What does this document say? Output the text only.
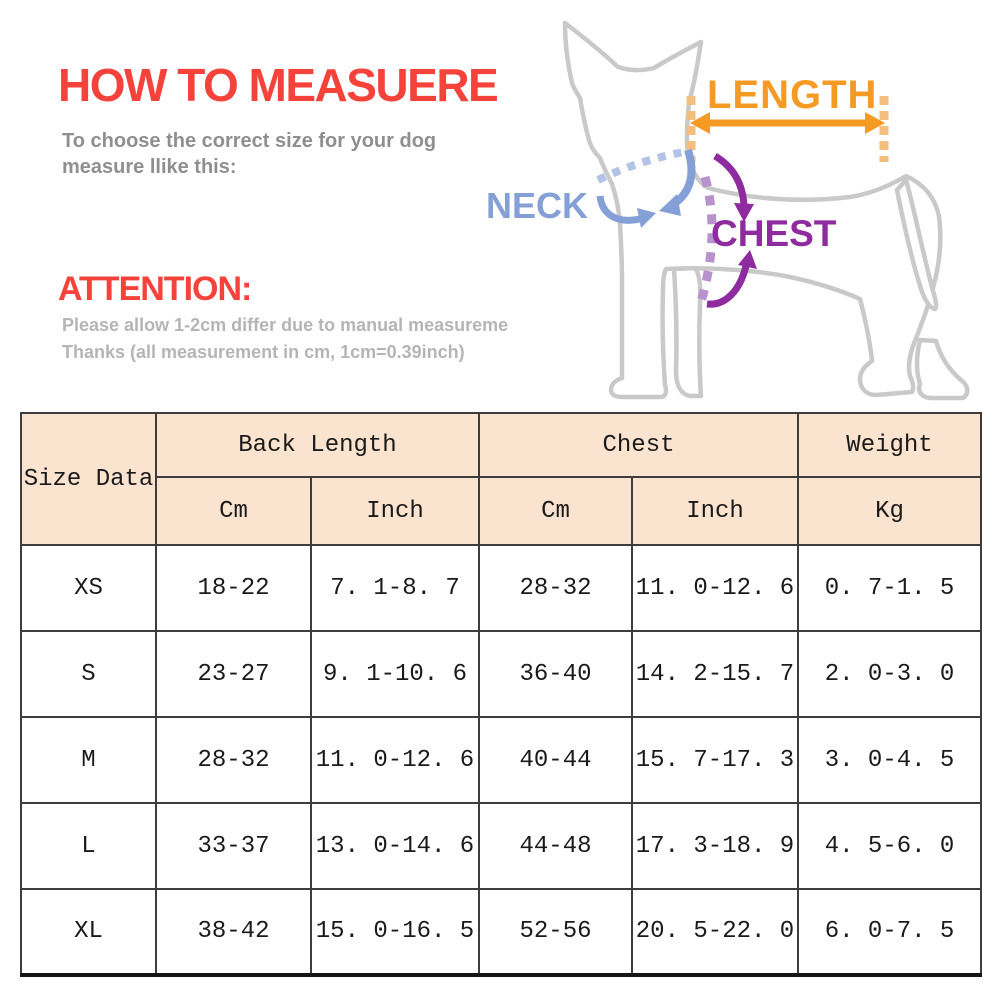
HOW TO MEASUERE
To choose the correct size for your dog
measure llike this:
ATTENTION:
Please allow 1-2cm differ due to manual measureme
Thanks (all measurement in cm, 1cm=0.39inch)
LENGTH
NECK
CHEST
Size Data	Back Length		Chest		Weight
	Cm	Inch	Cm	Inch	Kg
XS	18-22	7. 1-8. 7	28-32	11. 0-12. 6	0. 7-1. 5
S	23-27	9. 1-10. 6	36-40	14. 2-15. 7	2. 0-3. 0
M	28-32	11. 0-12. 6	40-44	15. 7-17. 3	3. 0-4. 5
L	33-37	13. 0-14. 6	44-48	17. 3-18. 9	4. 5-6. 0
XL	38-42	15. 0-16. 5	52-56	20. 5-22. 0	6. 0-7. 5
